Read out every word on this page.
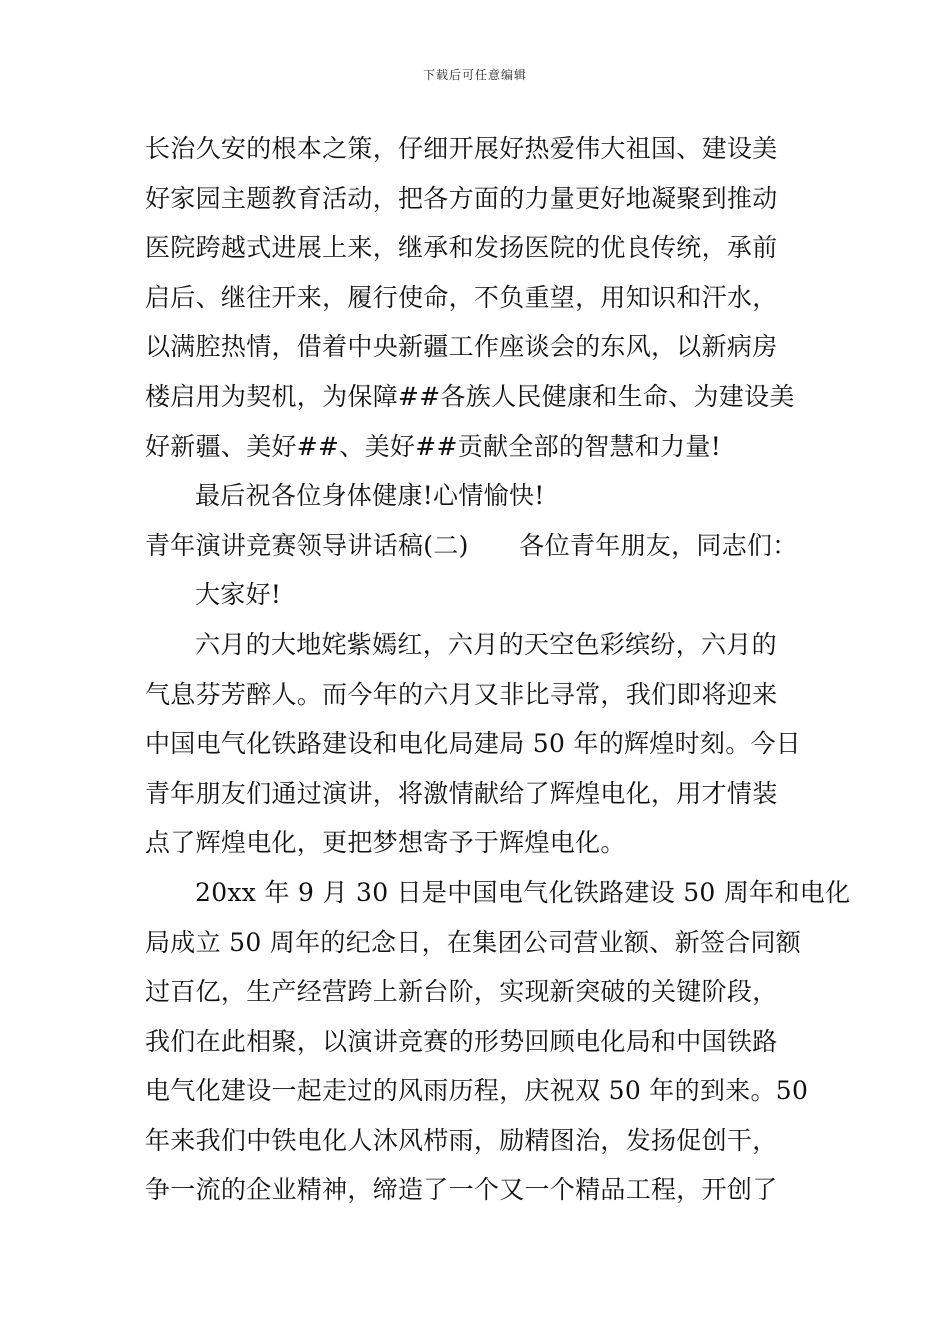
下载后可任意编辑
长治久安的根本之策，仔细开展好热爱伟大祖国、建设美
好家园主题教育活动，把各方面的力量更好地凝聚到推动
医院跨越式进展上来，继承和发扬医院的优良传统，承前
启后、继往开来，履行使命，不负重望，用知识和汗水，
以满腔热情，借着中央新疆工作座谈会的东风，以新病房
楼启用为契机，为保障##各族人民健康和生命、为建设美
好新疆、美好##、美好##贡献全部的智慧和力量!
最后祝各位身体健康!心情愉快!
青年演讲竞赛领导讲话稿(二)　　各位青年朋友，同志们：
大家好!
六月的大地姹紫嫣红，六月的天空色彩缤纷，六月的
气息芬芳醉人。而今年的六月又非比寻常，我们即将迎来
中国电气化铁路建设和电化局建局 50 年的辉煌时刻。今日
青年朋友们通过演讲，将激情献给了辉煌电化，用才情装
点了辉煌电化，更把梦想寄予于辉煌电化。
20xx 年 9 月 30 日是中国电气化铁路建设 50 周年和电化
局成立 50 周年的纪念日，在集团公司营业额、新签合同额
过百亿，生产经营跨上新台阶，实现新突破的关键阶段，
我们在此相聚，以演讲竞赛的形势回顾电化局和中国铁路
电气化建设一起走过的风雨历程，庆祝双 50 年的到来。50
年来我们中铁电化人沐风栉雨，励精图治，发扬促创干，
争一流的企业精神，缔造了一个又一个精品工程，开创了
